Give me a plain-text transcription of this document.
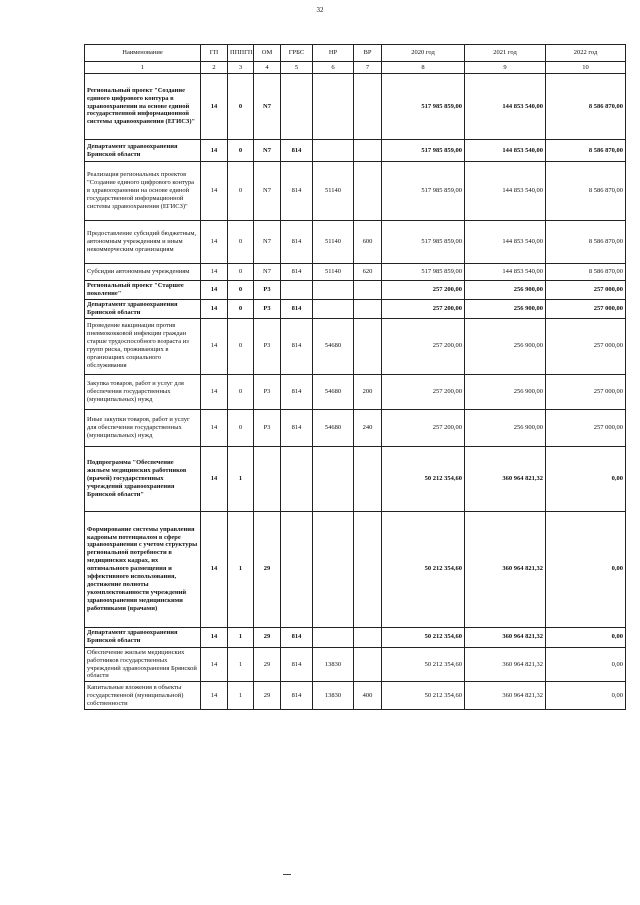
32
Наименование	ГП	ПППГП	ОМ	ГРБС	НР	ВР	2020 год	2021 год	2022 год
1	2	3	4	5	6	7	8	9	10
Региональный проект "Создание единого цифрового контура в здравоохранении на основе единой государственной информационной системы здравоохранения (ЕГИСЗ)"	14	0	N7				517 985 859,00	144 853 540,00	8 586 870,00
Департамент здравоохранения Брянской области	14	0	N7	814			517 985 859,00	144 853 540,00	8 586 870,00
Реализация региональных проектов "Создание единого цифрового контура в здравоохранении на основе единой государственной информационной системы здравоохранения (ЕГИСЗ)"	14	0	N7	814	51140		517 985 859,00	144 853 540,00	8 586 870,00
Предоставление субсидий бюджетным, автономным учреждениям и иным некоммерческим организациям	14	0	N7	814	51140	600	517 985 859,00	144 853 540,00	8 586 870,00
Субсидии автономным учреждениям	14	0	N7	814	51140	620	517 985 859,00	144 853 540,00	8 586 870,00
Региональный проект "Старшее поколение"	14	0	P3				257 200,00	256 900,00	257 000,00
Департамент здравоохранения Брянской области	14	0	P3	814			257 200,00	256 900,00	257 000,00
Проведение вакцинации против пневмококковой инфекции граждан старше трудоспособного возраста из групп риска, проживающих в организациях социального обслуживания	14	0	P3	814	54680		257 200,00	256 900,00	257 000,00
Закупка товаров, работ и услуг для обеспечения государственных (муниципальных) нужд	14	0	P3	814	54680	200	257 200,00	256 900,00	257 000,00
Иные закупки товаров, работ и услуг для обеспечения государственных (муниципальных) нужд	14	0	P3	814	54680	240	257 200,00	256 900,00	257 000,00
Подпрограмма "Обеспечение жильем медицинских работников (врачей) государственных учреждений здравоохранения Брянской области"	14	1					50 212 354,60	360 964 821,32	0,00
Формирование системы управления кадровым потенциалом в сфере здравоохранения с учетом структуры региональной потребности в медицинских кадрах, их оптимального размещения и эффективного использования, достижение полноты укомплектованности учреждений здравоохранения медицинскими работниками (врачами)	14	1	29				50 212 354,60	360 964 821,32	0,00
Департамент здравоохранения Брянской области	14	1	29	814			50 212 354,60	360 964 821,32	0,00
Обеспечение жильем медицинских работников государственных учреждений здравоохранения Брянской области	14	1	29	814	13830		50 212 354,60	360 964 821,32	0,00
Капитальные вложения в объекты государственной (муниципальной) собственности	14	1	29	814	13830	400	50 212 354,60	360 964 821,32	0,00
